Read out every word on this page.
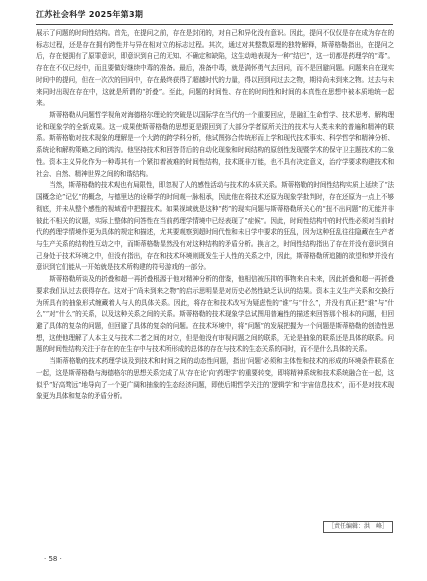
江苏社会科学 2025年第3期

展示了问题的时间性结构。首先，在提问之前，存在是封闭的，对自己和异化没有意识。因此，提问不仅仅是存在成为存在的标志过程，还是存在拥有跨性并与异在相对立的标志过程。其次，通过对其整数原理的独特解释，斯蒂格勒指出，在提问之后，存在便拥有了原罪意识，即意识到自己的无知、不确定和缺陷，这生动地表现为一种“结巴”，这一切都是药理学的“毒”。存在在不仅已经中，而且要做好继续中毒的准备。最后，准备中毒，就是满怀勇气去回问，而不是回避问题。问题来自在现实时间中的提问，但在一次次的回问中，存在最终获得了超越时代的力量，得以回到问过去之物，期待尚未到来之物。过去与未来同时出现在存在中，这就是所谓的“折叠”。至此，问题的时间性、存在的时间性和时间的本真性在思想中被本质地统一起来。

斯蒂格勒从问题哲学视角对海德格尔理论的突破是以国际学在当代的一个重要回应，是融汇生命哲学、技术思考、解构理论和现象学的全新成果。这一成果使斯蒂格勒的思想更是跟回到了大部分学者原所关注的技术与人类未来的普遍和精神的联系。斯蒂格勒对技术现象的理解是一个大跨的跨学科分析，他试图弥合传统形而上学和现代技术事实、科学哲学和精神分析、系统论和解构策略之间的鸿沟。他坚持技术和回答背后的自动化现象和时间结构的原创性发现暨学术的保守卫主题技术的二象性。资本主义异化作为一种毒其有一个紧扣着被难的时间性结构，技术既非万能，也不具有决定意义，治疗学要求构建技术和社会、自然、精神世界之间的和谐结构。

当然，斯蒂格勒的技术观也有局限性，即忽视了人的感性活动与技术的本质关系。斯蒂格勒的时间性结构实质上延续了“法国概念论”记忆“的概念，与德里达的诠释学的时间观一脉相承，因此他在将技术还原为现象学批判时，存在还原为一点上不够彻底，并未从整个感性的视域看中把握技术。如果视域就是这种“药”的现实问题与斯蒂格勒所关心的“扭不出问题”的无能并非彼此不相关的议题，实际上整体的问答性在当前药理学情境中已经表现了“症候”。因此，时间性结构中的时代性必须对当前时代的药理学情境作更为具体的规定和描述，尤其要观察到超时间代性和未日学中要求的狂乱，因为这种狂乱往往隐藏在生产者与生产关系的结构性互动之中，而斯蒂格勒显然没有对这种结构的矛盾分析。换言之，时间性结构指出了存在并没有意识到自己身处于技术环境之中，但没有指出，存在和技术环境则既发生于人性的关系之中，因此，斯蒂格勒所追随的欲望和梦并没有意识到它们能从一开始就是技术所构建的符号游戏的一部分。

斯蒂格勒所谈及的折叠和超一再折叠根源于他对精神分析的借鉴，他相信被压抑的事物来自未来，因此折叠和超一再折叠要求我们认过去获得存在。这对于“尚未到来之物”的启示思明显是对历史必然性缺乏认识的结果。资本主义生产关系和交换行为所具有的抽象形式缠藏着人与人的具体关系。因此，将存在和技术改写为疑虑性的“谁”与“什么”，并没有真正把“谁”与“什么”“对“什么”的关系，以及这种关系之间的关系。斯蒂格勒的技术现象学总试图用普遍性的描述来回答那个根本的问题，但回避了具体的复杂的问题，但回避了具体的复杂的问题。在技术环境中，将“问题”的发展把握为一个问题是斯蒂格勒的创造性思想，这使他理解了人本主义与技术二者之间的对立，但是他没有审视问题之间的联系，无论是抽象的联系还是具体的联系。问题的时间性结构关注于存在的在生存中与技术所形成的总体的存在与技术的生态关系的同时，而不是什么具体的关系。

当斯蒂格勒的技术药理学谈及到技术和时间之间的动态性问题，指出‘问题’必须和主体性和技术的形成的环境条件联系在一起，这是斯蒂格勒与海德格尔的思想关系完成了从‘存在论’向‘药理学’的重要转变，即将精神系统和技术系统融合在一起，这似乎“好高骛远”地导向了一个更广阔和抽象的生态经济问题，即使后期哲学关注的‘逻辑学’和‘宇宙信息技术’，而不是对技术现象更为具体和复杂的矛盾分析。

［责任编辑：洪　峰］
· 58 ·
